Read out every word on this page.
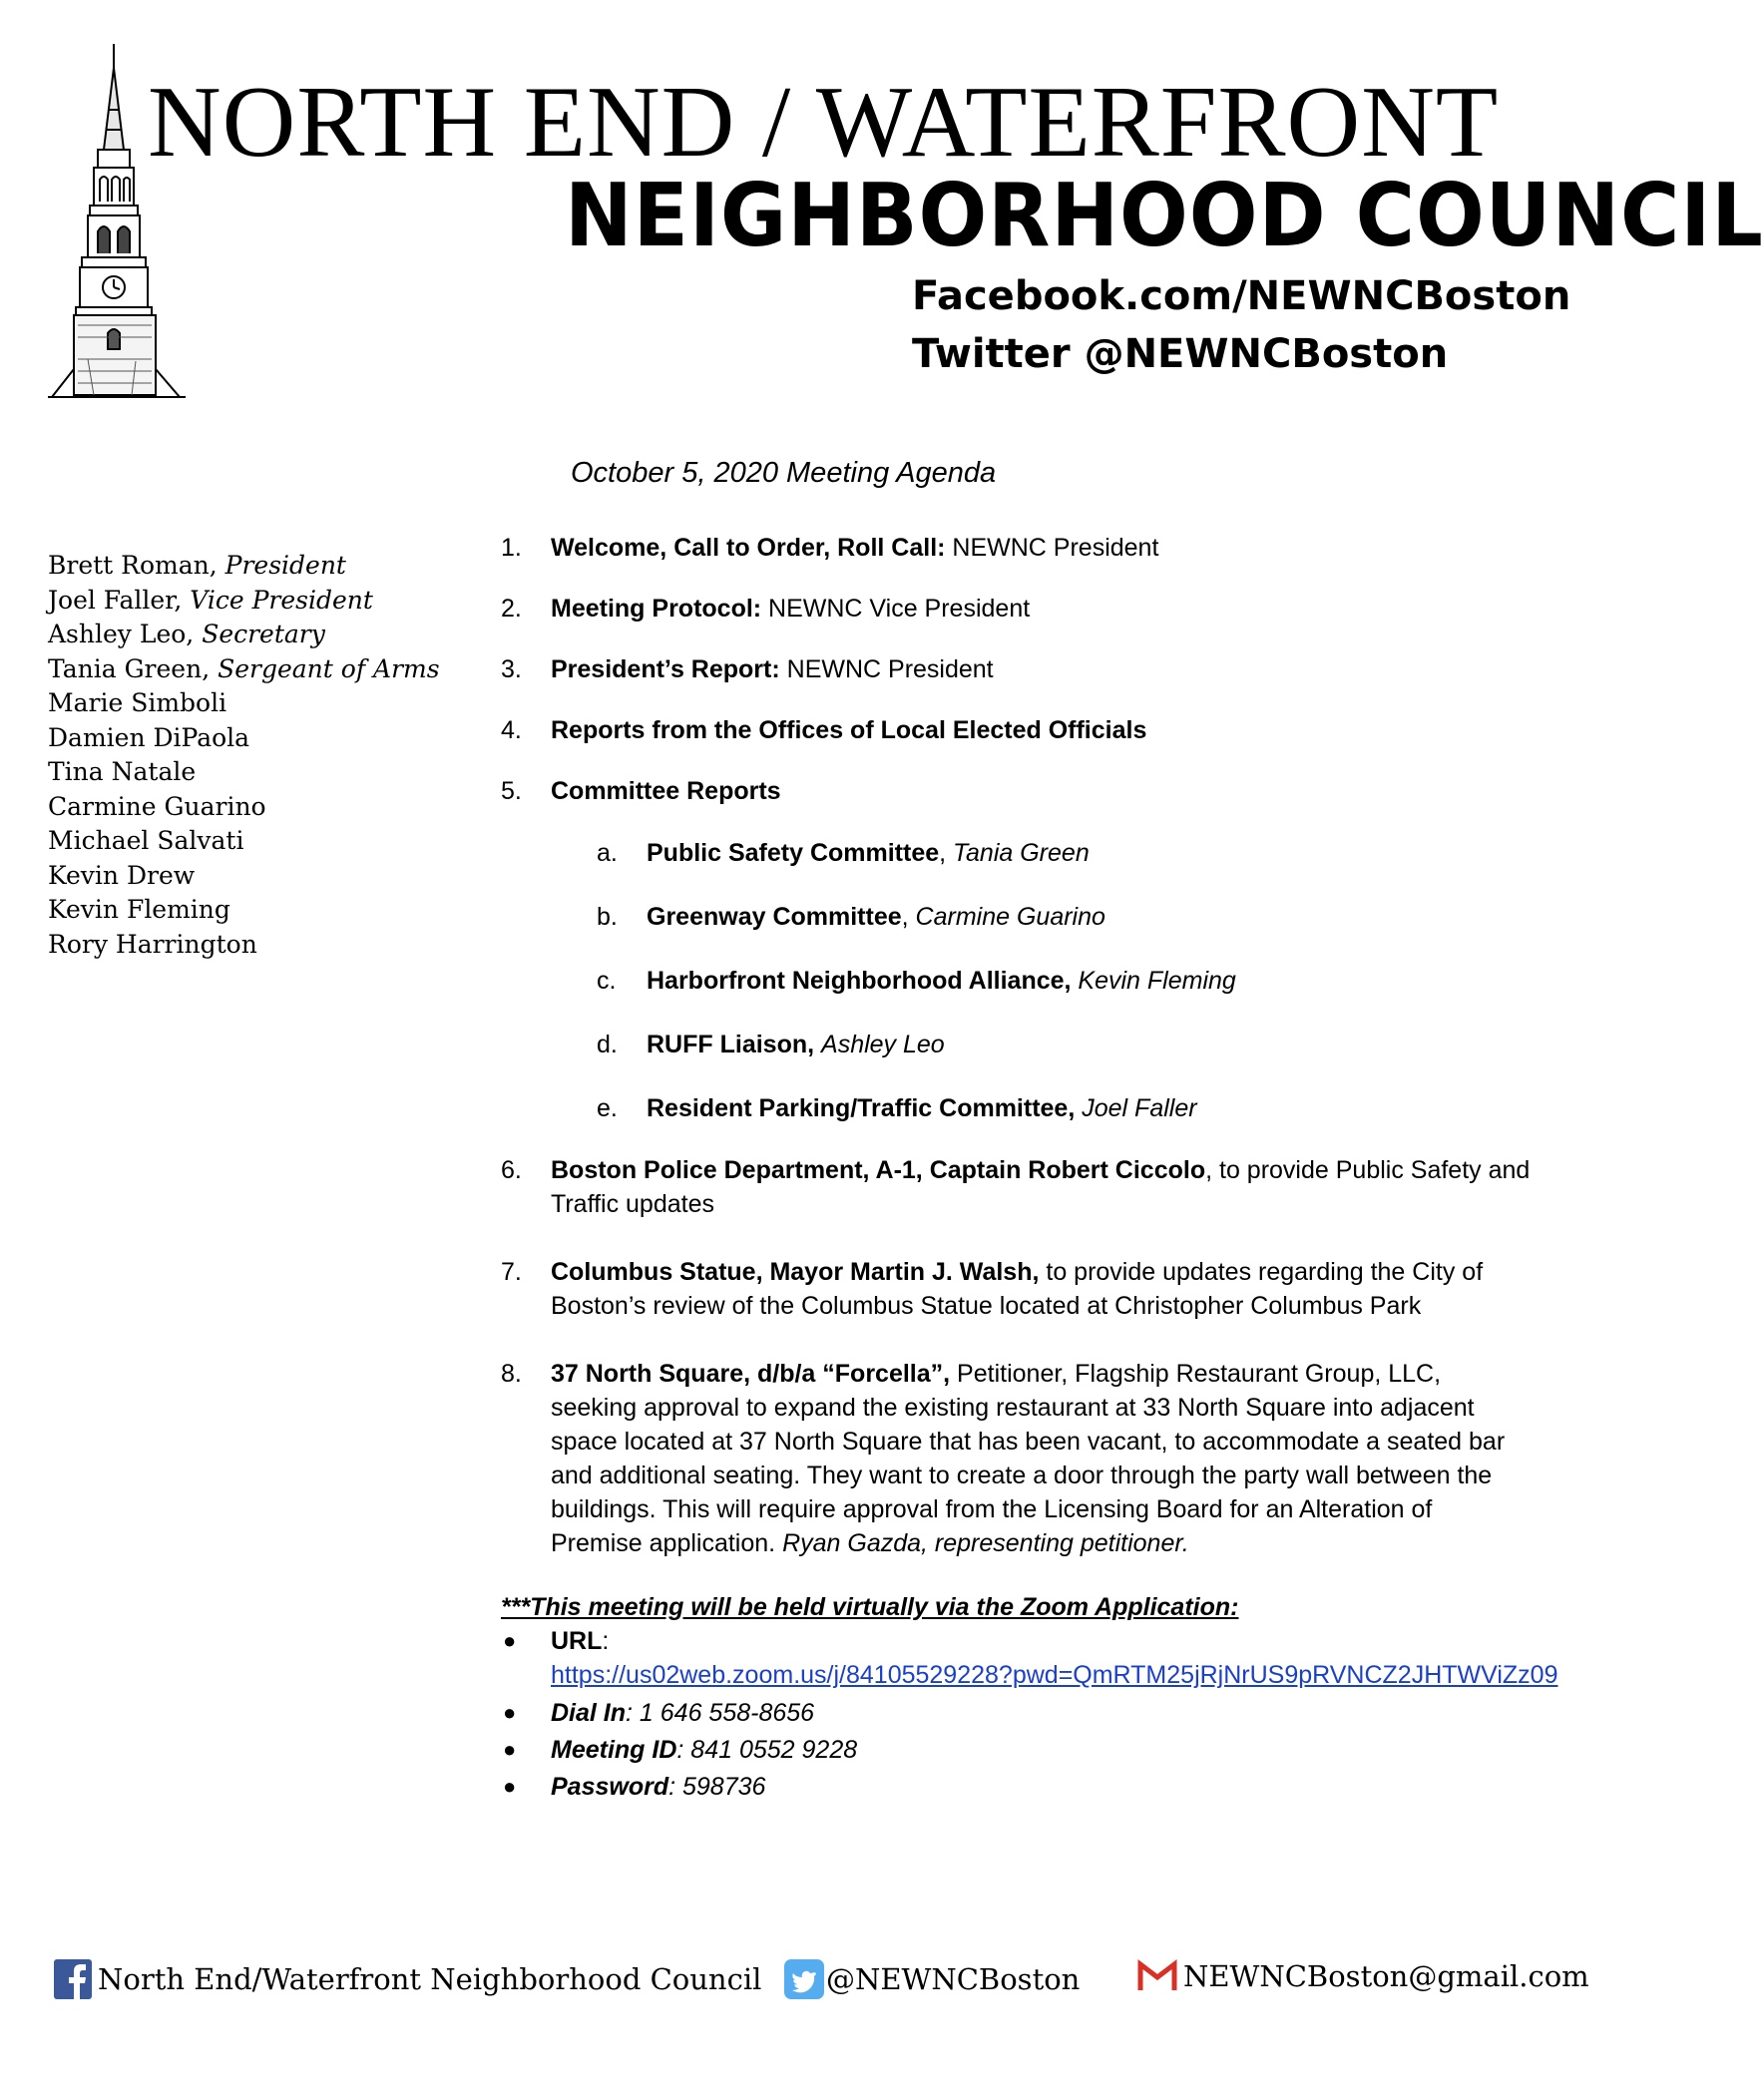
NORTH END / WATERFRONT
NEIGHBORHOOD COUNCIL
Facebook.com/NEWNCBoston
Twitter @NEWNCBoston
October 5, 2020 Meeting Agenda
Brett Roman, President
Joel Faller, Vice President
Ashley Leo, Secretary
Tania Green, Sergeant of Arms
Marie Simboli
Damien DiPaola
Tina Natale
Carmine Guarino
Michael Salvati
Kevin Drew
Kevin Fleming
Rory Harrington
1. Welcome, Call to Order, Roll Call: NEWNC President
2. Meeting Protocol: NEWNC Vice President
3. President’s Report: NEWNC President
4. Reports from the Offices of Local Elected Officials
5. Committee Reports
a. Public Safety Committee, Tania Green
b. Greenway Committee, Carmine Guarino
c. Harborfront Neighborhood Alliance, Kevin Fleming
d. RUFF Liaison, Ashley Leo
e. Resident Parking/Traffic Committee, Joel Faller
6. Boston Police Department, A-1, Captain Robert Ciccolo, to provide Public Safety and Traffic updates
7. Columbus Statue, Mayor Martin J. Walsh, to provide updates regarding the City of Boston’s review of the Columbus Statue located at Christopher Columbus Park
8. 37 North Square, d/b/a “Forcella”, Petitioner, Flagship Restaurant Group, LLC, seeking approval to expand the existing restaurant at 33 North Square into adjacent space located at 37 North Square that has been vacant, to accommodate a seated bar and additional seating. They want to create a door through the party wall between the buildings. This will require approval from the Licensing Board for an Alteration of Premise application. Ryan Gazda, representing petitioner.
***This meeting will be held virtually via the Zoom Application:
● URL:
https://us02web.zoom.us/j/84105529228?pwd=QmRTM25jRjNrUS9pRVNCZ2JHTWViZz09
● Dial In: 1 646 558-8656
● Meeting ID: 841 0552 9228
● Password: 598736
North End/Waterfront Neighborhood Council @NEWNCBoston	NEWNCBoston@gmail.com
